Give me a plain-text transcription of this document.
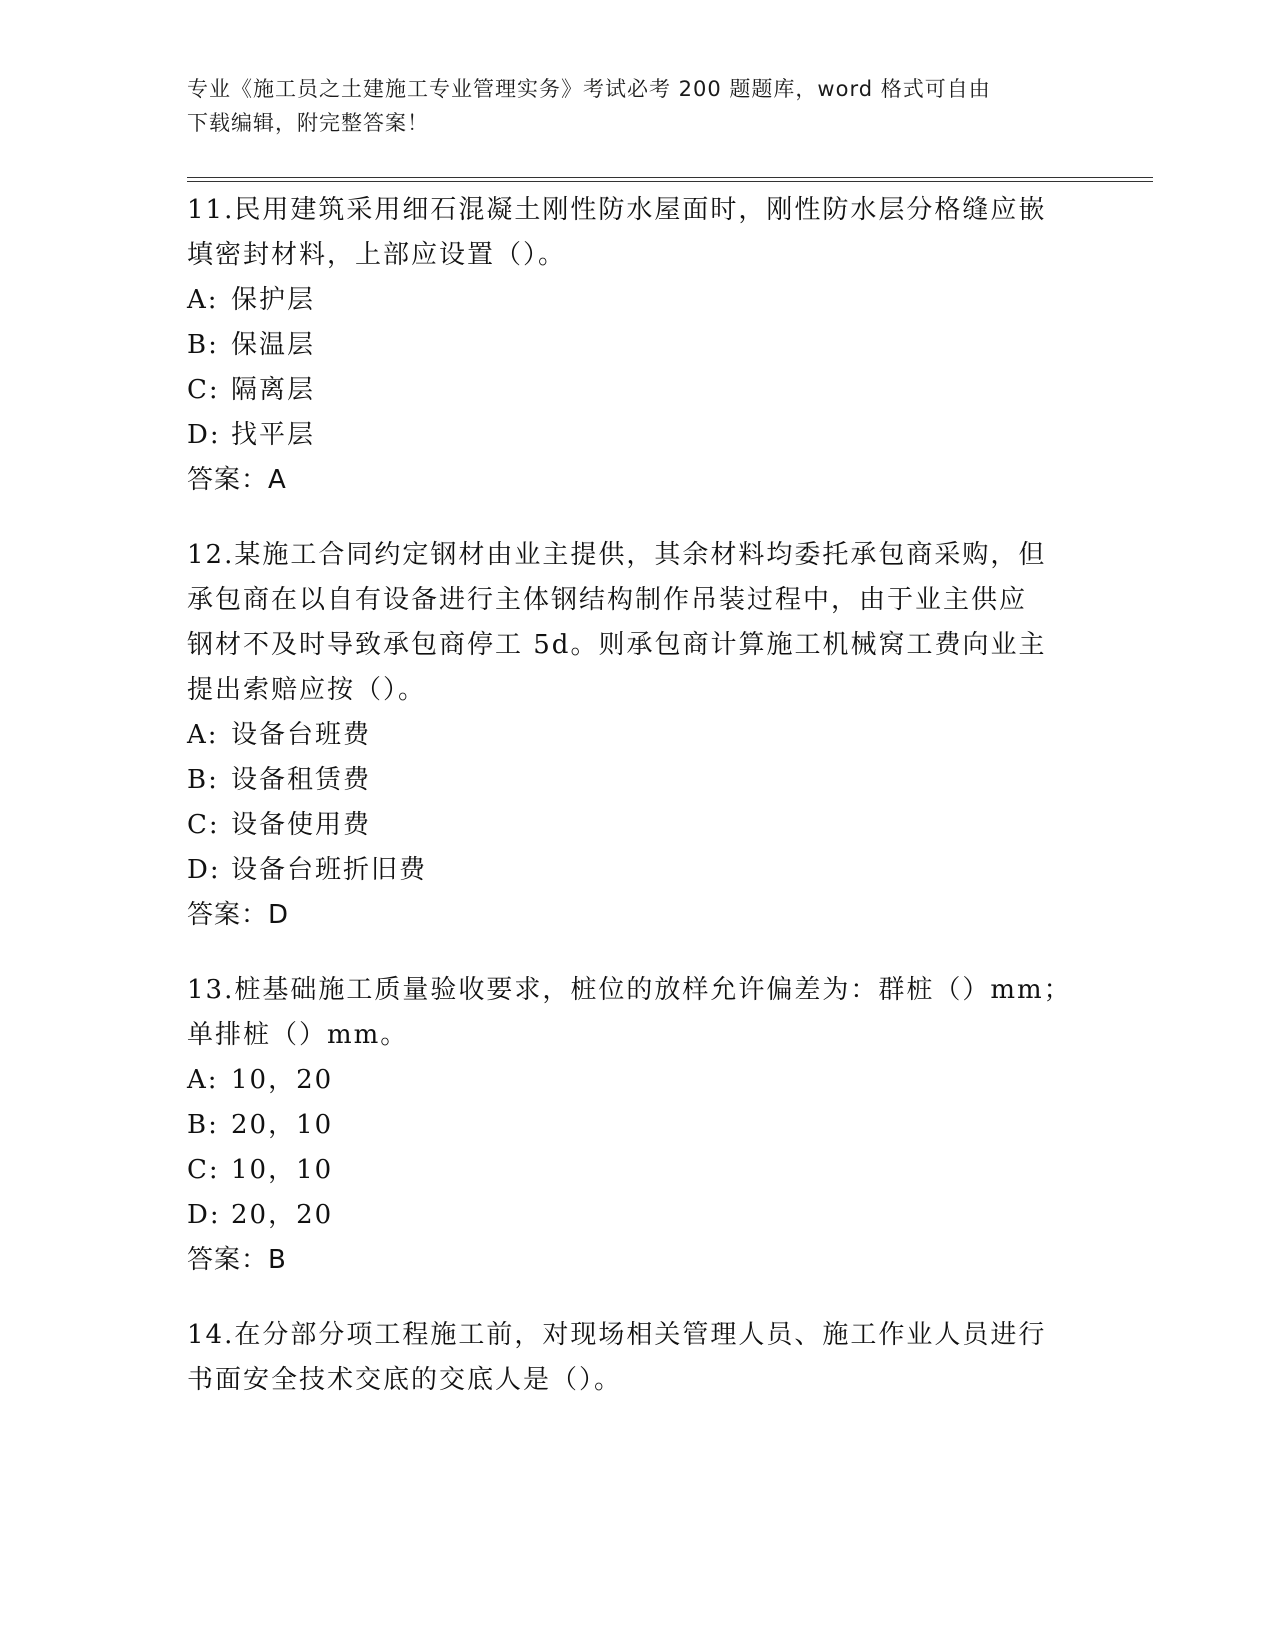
专业《施工员之土建施工专业管理实务》考试必考 200 题题库，word 格式可自由
下载编辑，附完整答案！
11.民用建筑采用细石混凝土刚性防水屋面时，刚性防水层分格缝应嵌
填密封材料，上部应设置（）。
A: 保护层
B: 保温层
C: 隔离层
D: 找平层
答案：A
12.某施工合同约定钢材由业主提供，其余材料均委托承包商采购，但
承包商在以自有设备进行主体钢结构制作吊装过程中，由于业主供应
钢材不及时导致承包商停工 5d。则承包商计算施工机械窝工费向业主
提出索赔应按（）。
A: 设备台班费
B: 设备租赁费
C: 设备使用费
D: 设备台班折旧费
答案：D
13.桩基础施工质量验收要求，桩位的放样允许偏差为：群桩（）mm；
单排桩（）mm。
A: 10，20
B: 20，10
C: 10，10
D: 20，20
答案：B
14.在分部分项工程施工前，对现场相关管理人员、施工作业人员进行
书面安全技术交底的交底人是（）。
